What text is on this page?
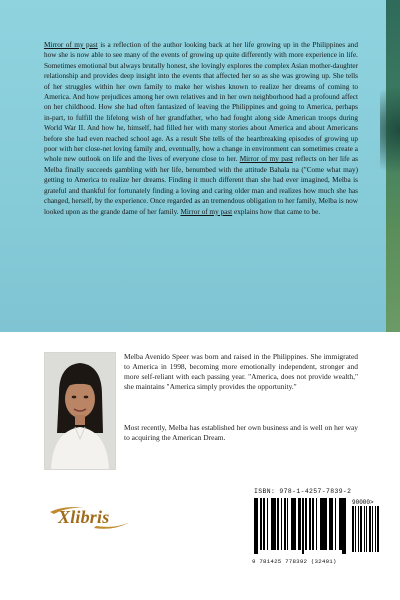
Mirror of my past is a reflection of the author looking back at her life growing up in the Philippines and how she is now able to see many of the events of growing up quite differently with more experience in life. Sometimes emotional but always brutally honest, she lovingly explores the complex Asian mother-daughter relationship and provides deep insight into the events that affected her so as she was growing up. She tells of her struggles within her own family to make her wishes known to realize her dreams of coming to America. And how prejudices among her own relatives and in her own neighborhood had a profound affect on her childhood. How she had often fantasized of leaving the Philippines and going to America, perhaps in-part, to fulfill the lifelong wish of her grandfather, who had fought along side American troops during World War II. And how he, himself, had filled her with many stories about America and about Americans before she had even reached school age. As a result She tells of the heartbreaking episodes of growing up poor with her close-net loving family and, eventually, how a change in environment can sometimes create a whole new outlook on life and the lives of everyone close to her. Mirror of my past reflects on her life as Melba finally succeeds gambling with her life, benumbed with the attitude Bahala na ("Come what may) getting to America to realize her dreams. Finding it much different than she had ever imagined, Melba is grateful and thankful for fortunately finding a loving and caring older man and realizes how much she has changed, herself, by the experience. Once regarded as an tremendous obligation to her family, Melba is now looked upon as the grande dame of her family. Mirror of my past explains how that came to be.

Melba Avenido Speer was born and raised in the Philippines. She immigrated to America in 1998, becoming more emotionally independent, stronger and more self-reliant with each passing year. "America, does not provide wealth," she maintains "America simply provides the opportunity."

Most recently, Melba has established her own business and is well on her way to acquiring the American Dream.

Xlibris
ISBN: 978-1-4257-7839-2
90000>
9 781425 778392 (32401)
